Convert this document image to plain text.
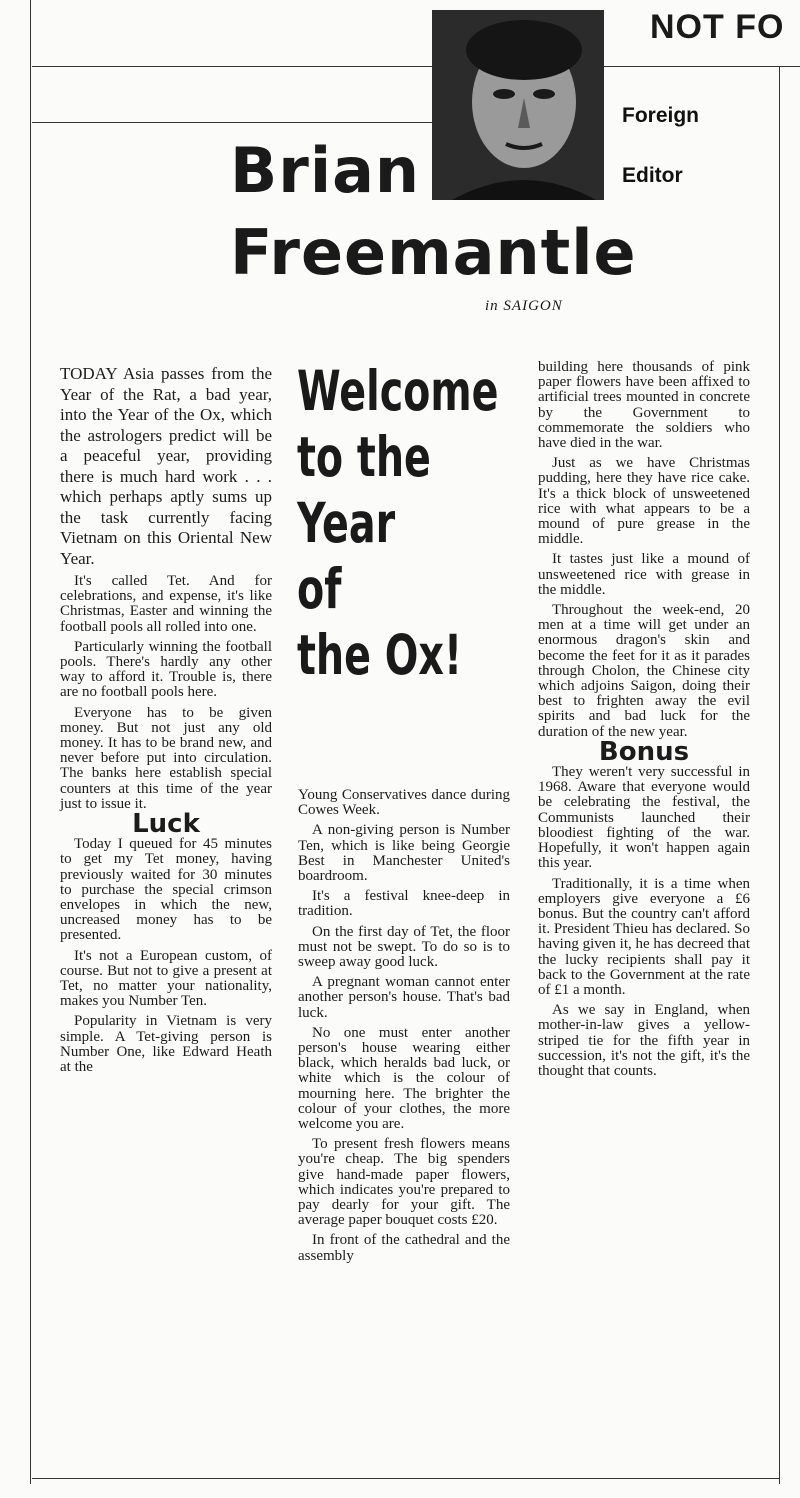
NOT FO
Foreign
Editor
Brian
Freemantle
in SAIGON
Welcome
to the
Year
of
the Ox!

TODAY Asia passes from the Year of the Rat, a bad year, into the Year of the Ox, which the astrologers predict will be a peaceful year, providing there is much hard work . . . which perhaps aptly sums up the task currently facing Vietnam on this Oriental New Year.

It's called Tet. And for celebrations, and expense, it's like Christmas, Easter and winning the football pools all rolled into one.

Particularly winning the football pools. There's hardly any other way to afford it. Trouble is, there are no football pools here.

Everyone has to be given money. But not just any old money. It has to be brand new, and never before put into circulation. The banks here establish special counters at this time of the year just to issue it.

Luck

Today I queued for 45 minutes to get my Tet money, having previously waited for 30 minutes to purchase the special crimson envelopes in which the new, uncreased money has to be presented.

It's not a European custom, of course. But not to give a present at Tet, no matter your nationality, makes you Number Ten.

Popularity in Vietnam is very simple. A Tet-giving person is Number One, like Edward Heath at the

Young Conservatives dance during Cowes Week.

A non-giving person is Number Ten, which is like being Georgie Best in Manchester United's boardroom.

It's a festival knee-deep in tradition.

On the first day of Tet, the floor must not be swept. To do so is to sweep away good luck.

A pregnant woman cannot enter another person's house. That's bad luck.

No one must enter another person's house wearing either black, which heralds bad luck, or white which is the colour of mourning here. The brighter the colour of your clothes, the more welcome you are.

To present fresh flowers means you're cheap. The big spenders give hand-made paper flowers, which indicates you're prepared to pay dearly for your gift. The average paper bouquet costs £20.

In front of the cathedral and the assembly

building here thousands of pink paper flowers have been affixed to artificial trees mounted in concrete by the Government to commemorate the soldiers who have died in the war.

Just as we have Christmas pudding, here they have rice cake. It's a thick block of unsweetened rice with what appears to be a mound of pure grease in the middle.

It tastes just like a mound of unsweetened rice with grease in the middle.

Throughout the week-end, 20 men at a time will get under an enormous dragon's skin and become the feet for it as it parades through Cholon, the Chinese city which adjoins Saigon, doing their best to frighten away the evil spirits and bad luck for the duration of the new year.

Bonus

They weren't very successful in 1968. Aware that everyone would be celebrating the festival, the Communists launched their bloodiest fighting of the war. Hopefully, it won't happen again this year.

Traditionally, it is a time when employers give everyone a £6 bonus. But the country can't afford it. President Thieu has declared. So having given it, he has decreed that the lucky recipients shall pay it back to the Government at the rate of £1 a month.

As we say in England, when mother-in-law gives a yellow-striped tie for the fifth year in succession, it's not the gift, it's the thought that counts.
